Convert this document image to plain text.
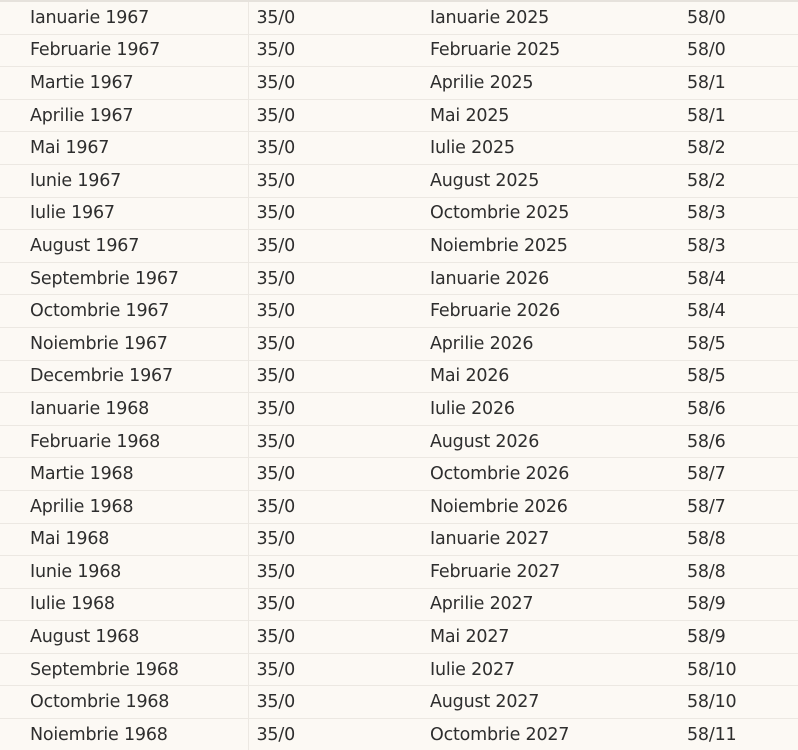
Ianuarie 1967	35/0	Ianuarie 2025	58/0
Februarie 1967	35/0	Februarie 2025	58/0
Martie 1967	35/0	Aprilie 2025	58/1
Aprilie 1967	35/0	Mai 2025	58/1
Mai 1967	35/0	Iulie 2025	58/2
Iunie 1967	35/0	August 2025	58/2
Iulie 1967	35/0	Octombrie 2025	58/3
August 1967	35/0	Noiembrie 2025	58/3
Septembrie 1967	35/0	Ianuarie 2026	58/4
Octombrie 1967	35/0	Februarie 2026	58/4
Noiembrie 1967	35/0	Aprilie 2026	58/5
Decembrie 1967	35/0	Mai 2026	58/5
Ianuarie 1968	35/0	Iulie 2026	58/6
Februarie 1968	35/0	August 2026	58/6
Martie 1968	35/0	Octombrie 2026	58/7
Aprilie 1968	35/0	Noiembrie 2026	58/7
Mai 1968	35/0	Ianuarie 2027	58/8
Iunie 1968	35/0	Februarie 2027	58/8
Iulie 1968	35/0	Aprilie 2027	58/9
August 1968	35/0	Mai 2027	58/9
Septembrie 1968	35/0	Iulie 2027	58/10
Octombrie 1968	35/0	August 2027	58/10
Noiembrie 1968	35/0	Octombrie 2027	58/11
